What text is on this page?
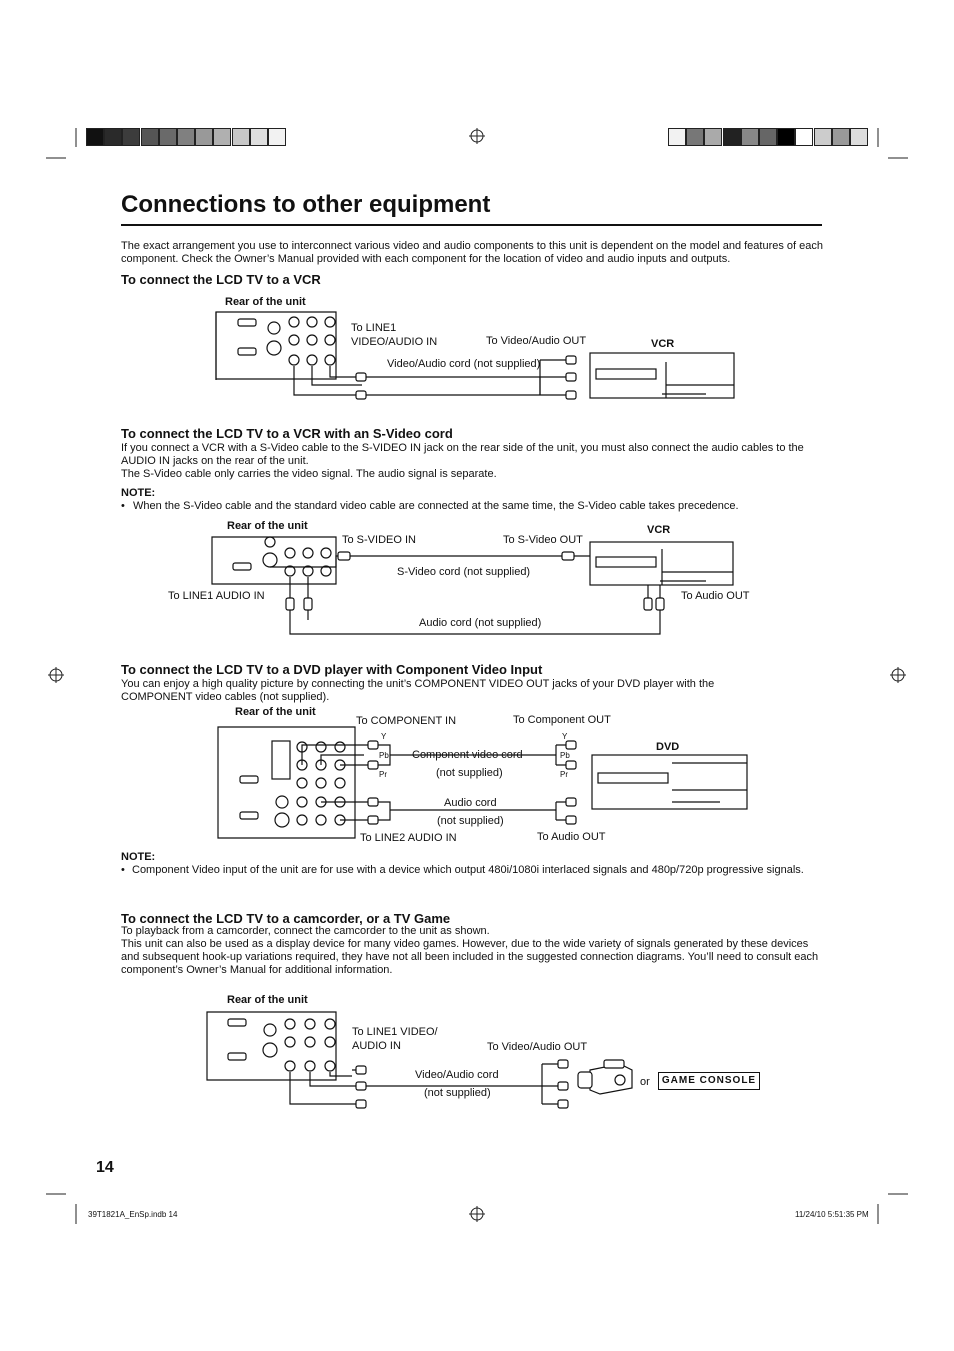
Connections to other equipment
The exact arrangement you use to interconnect various video and audio components to this unit is dependent on the model and features of each component. Check the Owner’s Manual provided with each component for the location of video and audio inputs and outputs.
To connect the LCD TV to a VCR
Rear of the unit
To LINE1
VIDEO/AUDIO IN	To Video/Audio OUT
Video/Audio cord (not supplied)
VCR
To connect the LCD TV to a VCR with an S-Video cord
If you connect a VCR with a S-Video cable to the S-VIDEO IN jack on the rear side of the unit, you must also connect the audio cables to the AUDIO IN jacks on the rear of the unit.
The S-Video cable only carries the video signal. The audio signal is separate.
NOTE:
• When the S-Video cable and the standard video cable are connected at the same time, the S-Video cable takes precedence.
Rear of the unit	VCR
To S-VIDEO IN	To S-Video OUT
S-Video cord (not supplied)
To LINE1 AUDIO IN	To Audio OUT
Audio cord (not supplied)
To connect the LCD TV to a DVD player with Component Video Input
You can enjoy a high quality picture by connecting the unit’s COMPONENT VIDEO OUT jacks of your DVD player with the COMPONENT video cables (not supplied).
Rear of the unit
To COMPONENT IN	To Component OUT
Y
Pb
Pr
Y
Pb
Pr
Component video cord
(not supplied)
Audio cord
(not supplied)
To LINE2 AUDIO IN	To Audio OUT
DVD
NOTE:
• Component Video input of the unit are for use with a device which output 480i/1080i interlaced signals and 480p/720p progressive signals.
To connect the LCD TV to a camcorder, or a TV Game
To playback from a camcorder, connect the camcorder to the unit as shown.
This unit can also be used as a display device for many video games. However, due to the wide variety of signals generated by these devices and subsequent hook-up variations required, they have not all been included in the suggested connection diagrams. You’ll need to consult each component’s Owner’s Manual for additional information.
Rear of the unit
To LINE1 VIDEO/
AUDIO IN	To Video/Audio OUT
Video/Audio cord
(not supplied)
or	GAME CONSOLE
14
39T1821A_EnSp.indb 14	11/24/10 5:51:35 PM
